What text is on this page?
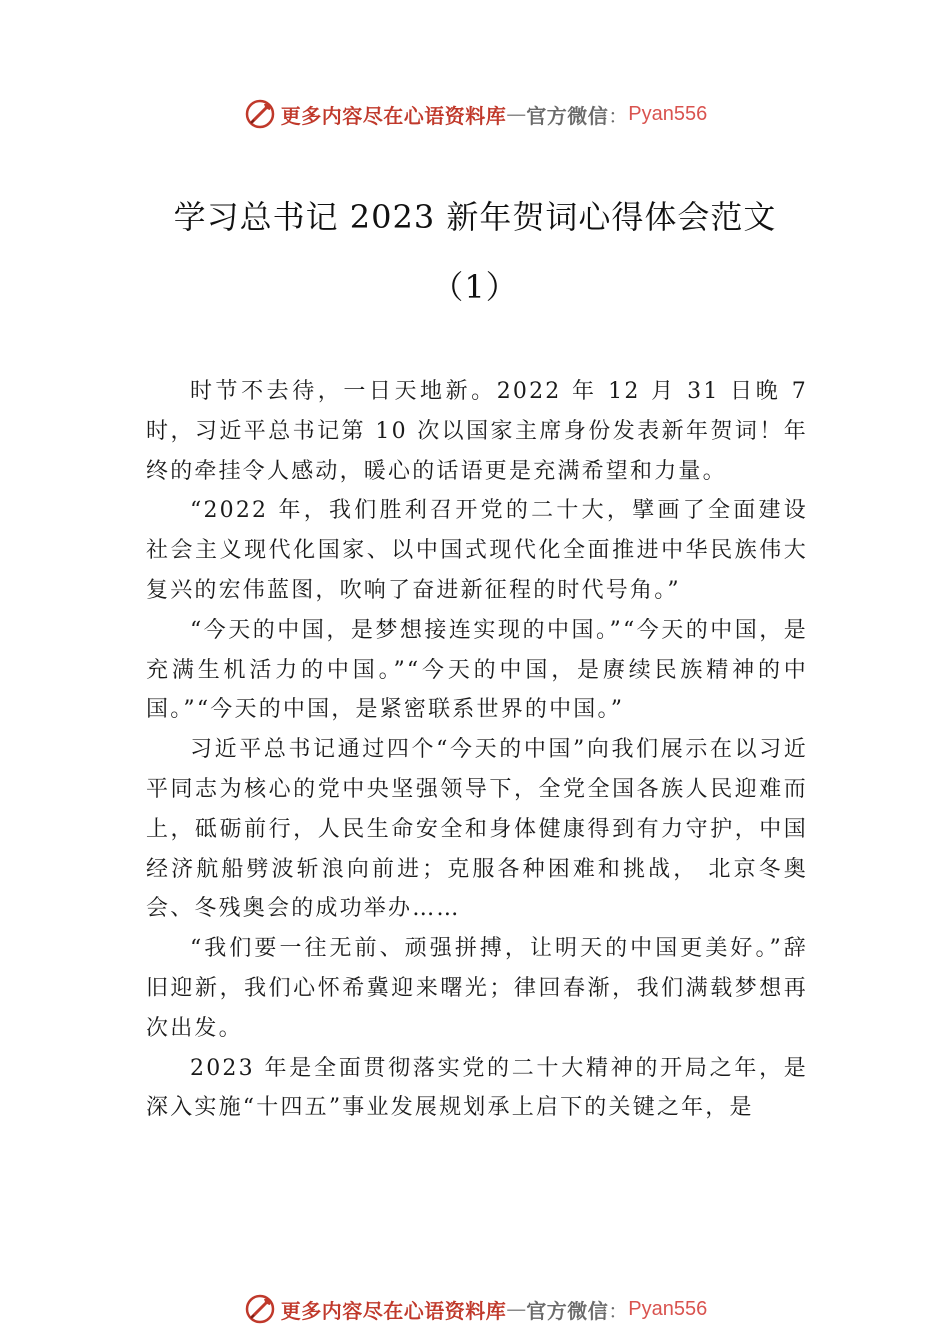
更多内容尽在心语资料库 — 官方微信 ： Pyan556
学习总书记 2023 新年贺词心得体会范文
（1）

时节不去待，一日天地新。2022 年 12 月 31 日晚 7 时，习近平总书记第 10 次以国家主席身份发表新年贺词！年终的牵挂令人感动，暖心的话语更是充满希望和力量。

“2022 年，我们胜利召开党的二十大，擘画了全面建设社会主义现代化国家、以中国式现代化全面推进中华民族伟大复兴的宏伟蓝图，吹响了奋进新征程的时代号角。”

“今天的中国，是梦想接连实现的中国。”“今天的中国，是充满生机活力的中国。”“今天的中国，是赓续民族精神的中国。”“今天的中国，是紧密联系世界的中国。”

习近平总书记通过四个“今天的中国”向我们展示在以习近平同志为核心的党中央坚强领导下，全党全国各族人民迎难而上，砥砺前行，人民生命安全和身体健康得到有力守护，中国经济航船劈波斩浪向前进；克服各种困难和挑战， 北京冬奥会、冬残奥会的成功举办……

“我们要一往无前、顽强拼搏，让明天的中国更美好。”辞旧迎新，我们心怀希冀迎来曙光；律回春渐，我们满载梦想再次出发。

2023 年是全面贯彻落实党的二十大精神的开局之年，是深入实施“十四五”事业发展规划承上启下的关键之年，是

更多内容尽在心语资料库 — 官方微信 ： Pyan556
